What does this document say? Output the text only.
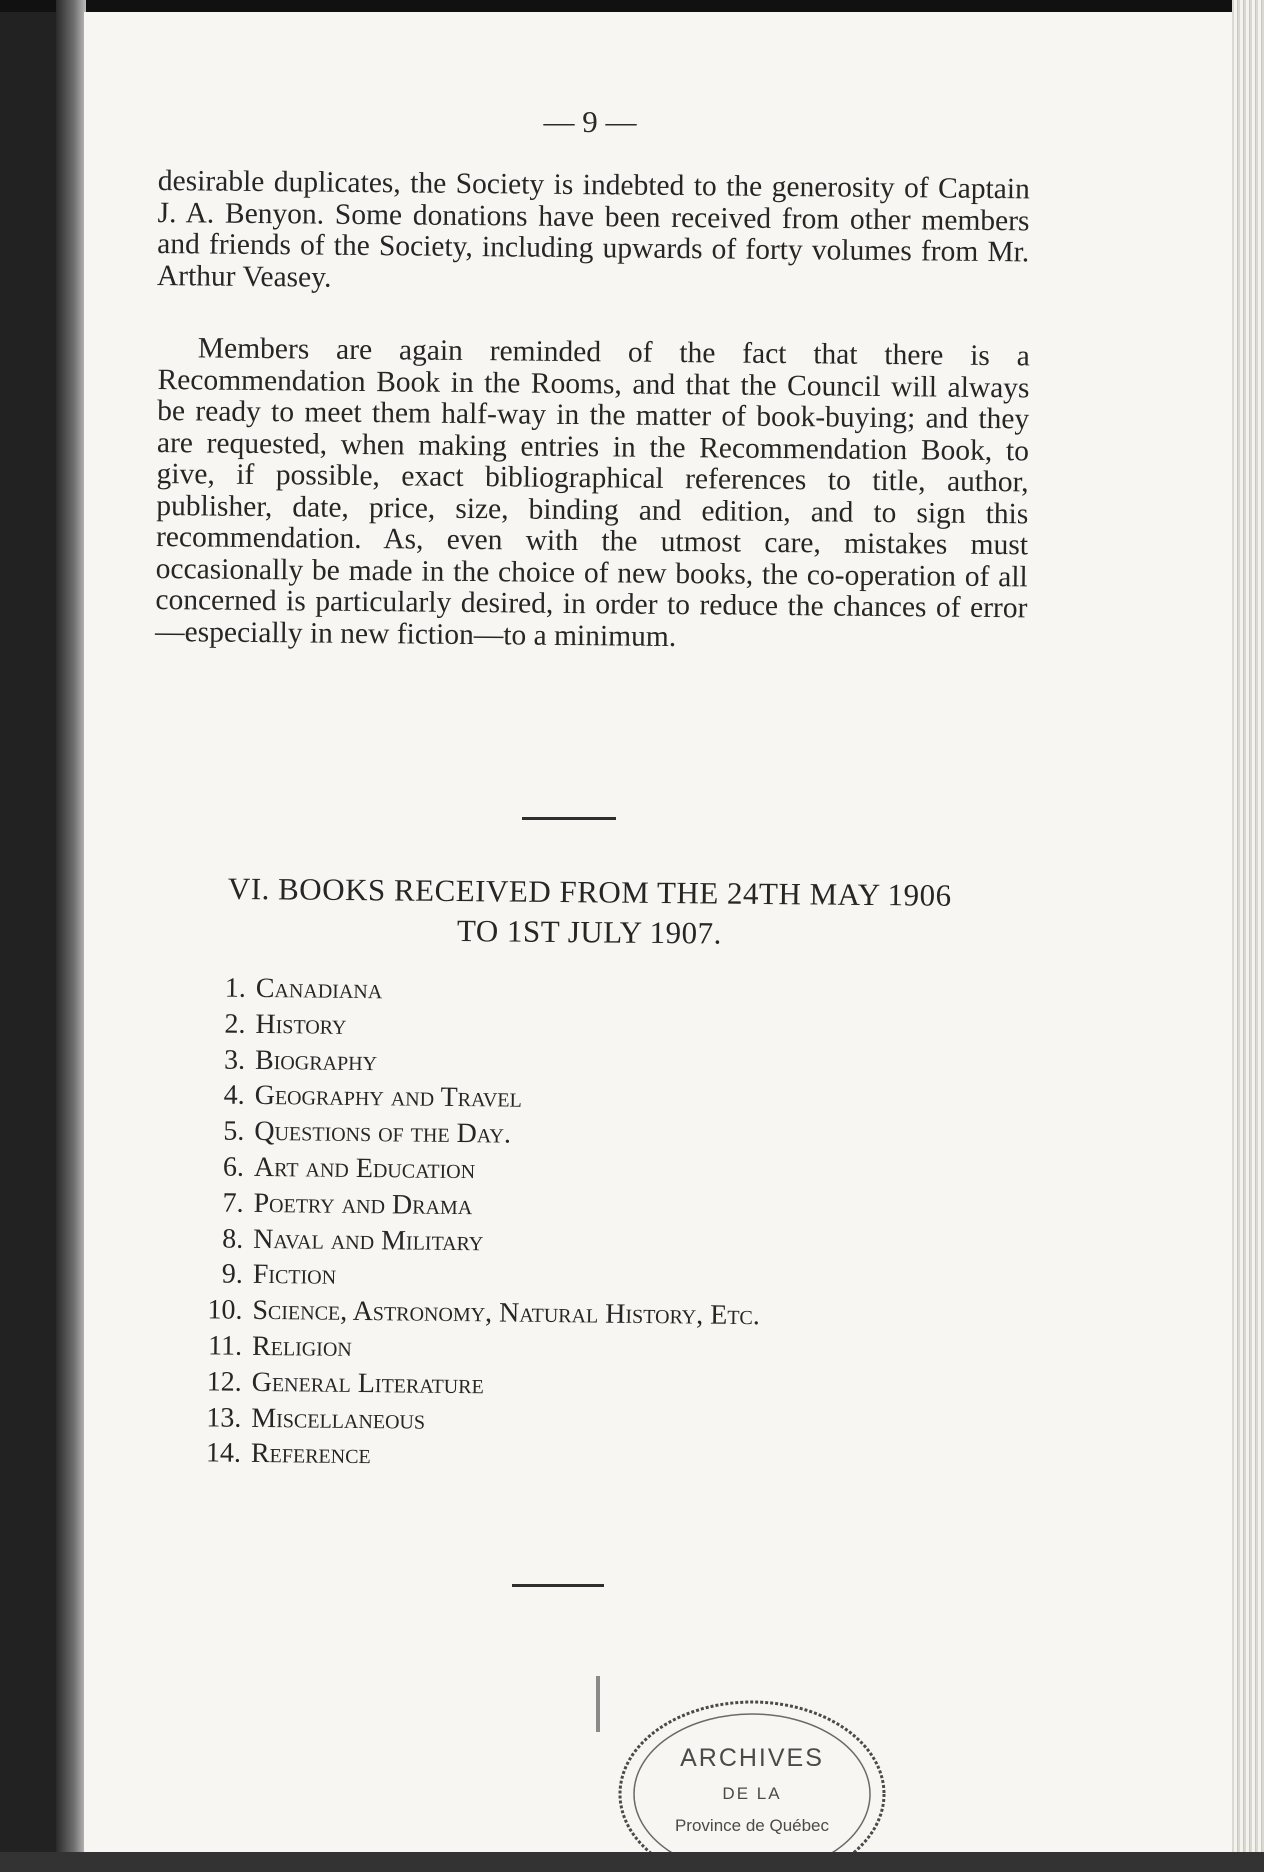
— 9 —

desirable duplicates, the Society is indebted to the generosity of Captain J. A. Benyon. Some donations have been received from other members and friends of the Society, including upwards of forty volumes from Mr. Arthur Veasey.

Members are again reminded of the fact that there is a Recommendation Book in the Rooms, and that the Council will always be ready to meet them half-way in the matter of book-buying; and they are requested, when making entries in the Recommendation Book, to give, if possible, exact bibliographical references to title, author, publisher, date, price, size, binding and edition, and to sign this recommendation. As, even with the utmost care, mistakes must occasionally be made in the choice of new books, the co-operation of all concerned is particularly desired, in order to reduce the chances of error—especially in new fiction—to a minimum.

VI. BOOKS RECEIVED FROM THE 24TH MAY 1906
TO 1ST JULY 1907.
1. Canadiana
2. History
3. Biography
4. Geography and Travel
5. Questions of the Day.
6. Art and Education
7. Poetry and Drama
8. Naval and Military
9. Fiction
10. Science, Astronomy, Natural History, Etc.
11. Religion
12. General Literature
13. Miscellaneous
14. Reference
ARCHIVES
DE LA
Province de Québec
